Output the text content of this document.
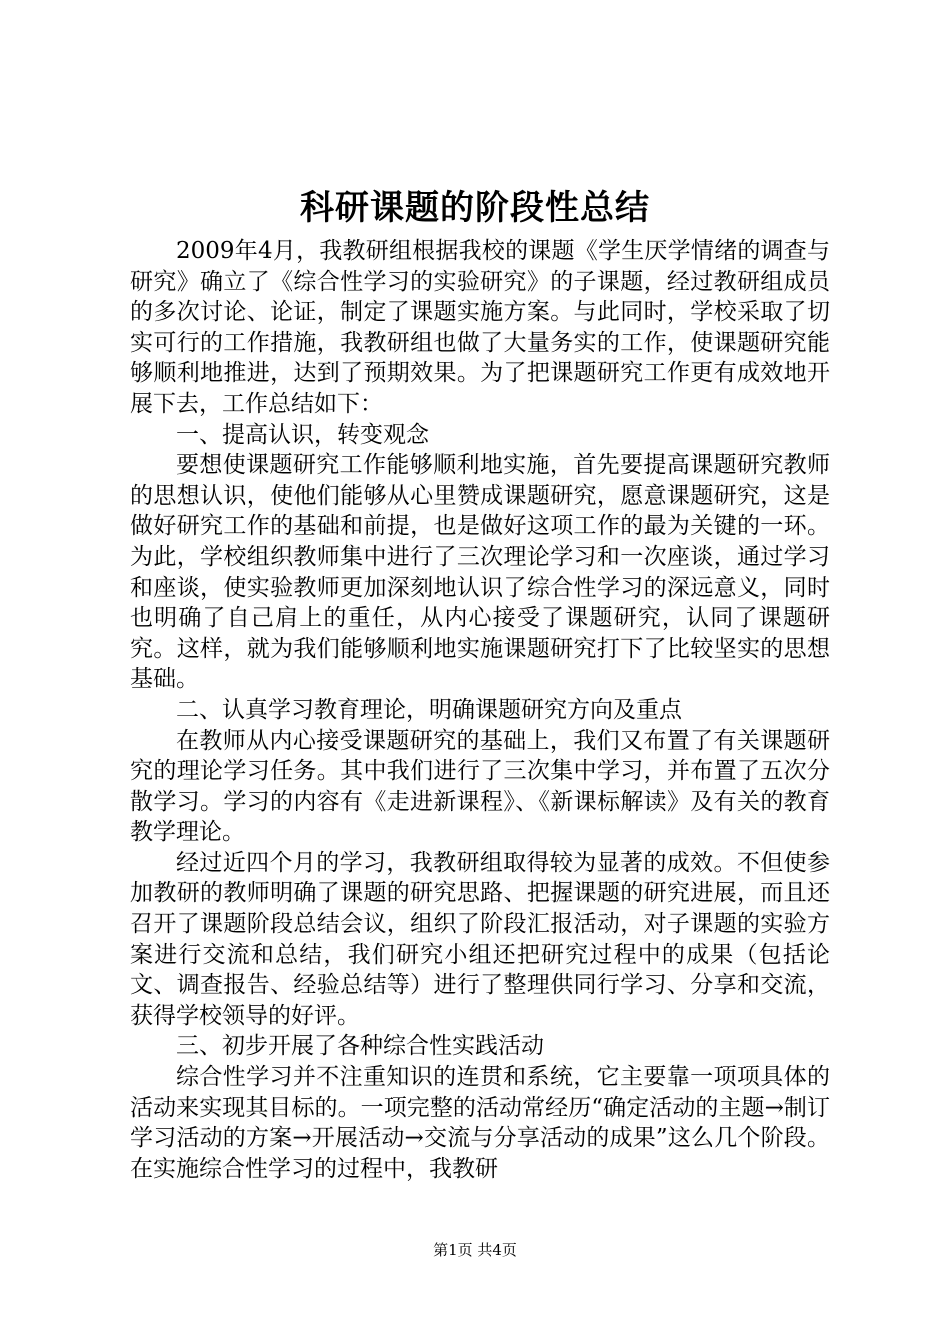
科研课题的阶段性总结

2009年4月，我教研组根据我校的课题《学生厌学情绪的调查与研究》确立了《综合性学习的实验研究》的子课题，经过教研组成员的多次讨论、论证，制定了课题实施方案。与此同时，学校采取了切实可行的工作措施，我教研组也做了大量务实的工作，使课题研究能够顺利地推进，达到了预期效果。为了把课题研究工作更有成效地开展下去，工作总结如下：

一、提高认识，转变观念

要想使课题研究工作能够顺利地实施，首先要提高课题研究教师的思想认识，使他们能够从心里赞成课题研究，愿意课题研究，这是做好研究工作的基础和前提，也是做好这项工作的最为关键的一环。为此，学校组织教师集中进行了三次理论学习和一次座谈，通过学习和座谈，使实验教师更加深刻地认识了综合性学习的深远意义，同时也明确了自己肩上的重任，从内心接受了课题研究，认同了课题研究。这样，就为我们能够顺利地实施课题研究打下了比较坚实的思想基础。

二、认真学习教育理论，明确课题研究方向及重点

在教师从内心接受课题研究的基础上，我们又布置了有关课题研究的理论学习任务。其中我们进行了三次集中学习，并布置了五次分散学习。学习的内容有《走进新课程》、《新课标解读》及有关的教育教学理论。

经过近四个月的学习，我教研组取得较为显著的成效。不但使参加教研的教师明确了课题的研究思路、把握课题的研究进展，而且还召开了课题阶段总结会议，组织了阶段汇报活动，对子课题的实验方案进行交流和总结，我们研究小组还把研究过程中的成果（包括论文、调查报告、经验总结等）进行了整理供同行学习、分享和交流，获得学校领导的好评。

三、初步开展了各种综合性实践活动

综合性学习并不注重知识的连贯和系统，它主要靠一项项具体的活动来实现其目标的。一项完整的活动常经历“确定活动的主题→制订学习活动的方案→开展活动→交流与分享活动的成果”这么几个阶段。在实施综合性学习的过程中，我教研

第1页 共4页
